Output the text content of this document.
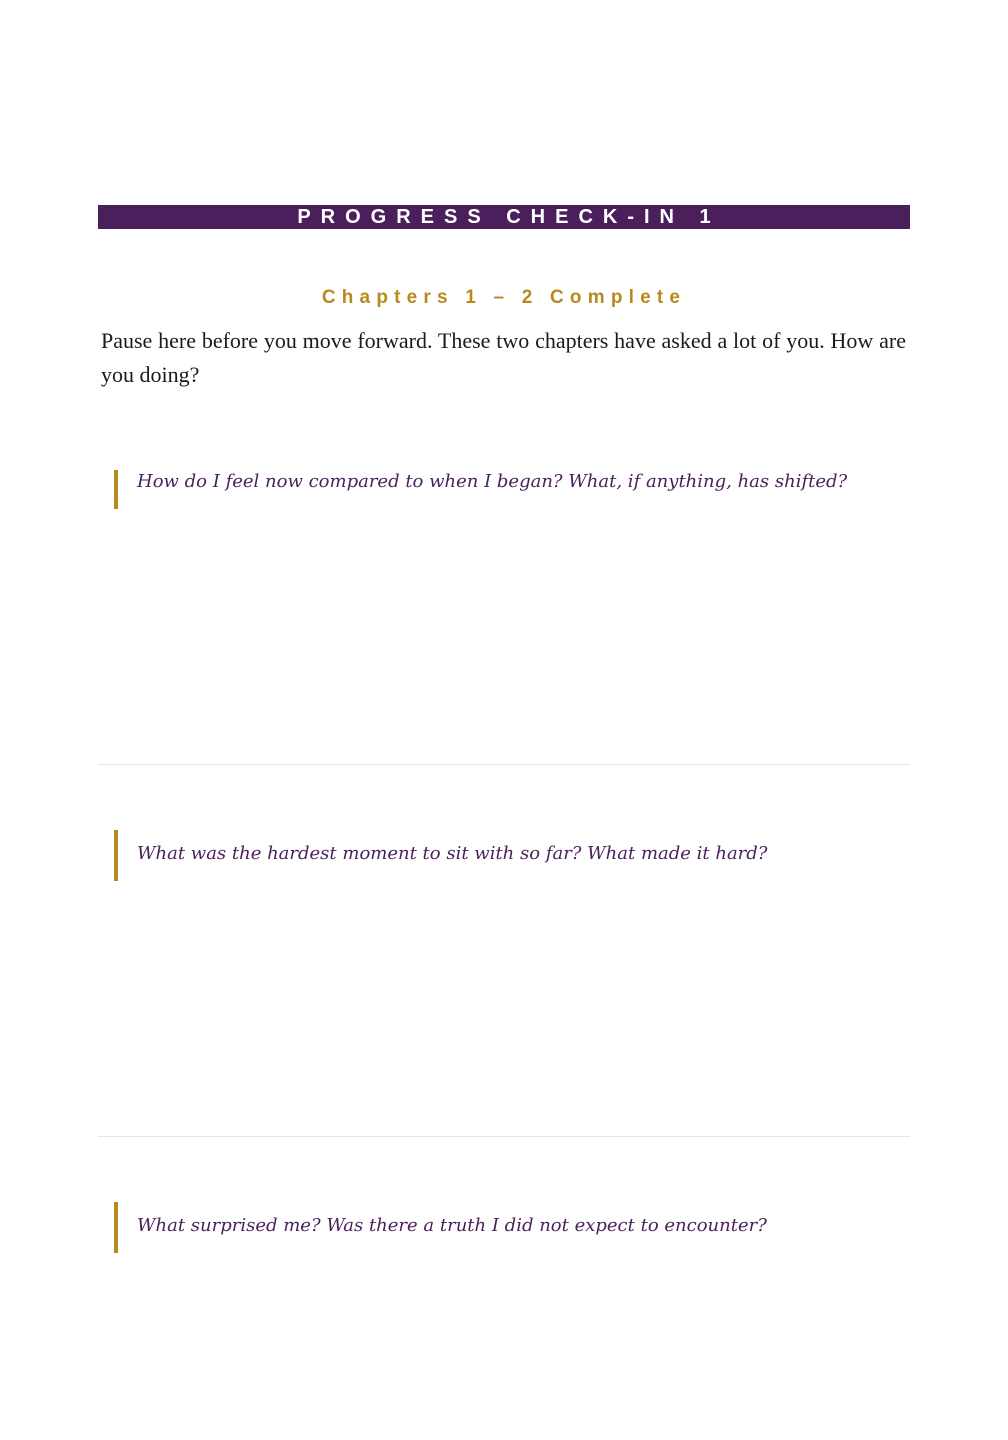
PROGRESS CHECK-IN 1
Chapters 1 – 2 Complete

Pause here before you move forward. These two chapters have asked a lot of you. How are you doing?

How do I feel now compared to when I began? What, if anything, has shifted?

What was the hardest moment to sit with so far? What made it hard?

What surprised me? Was there a truth I did not expect to encounter?
